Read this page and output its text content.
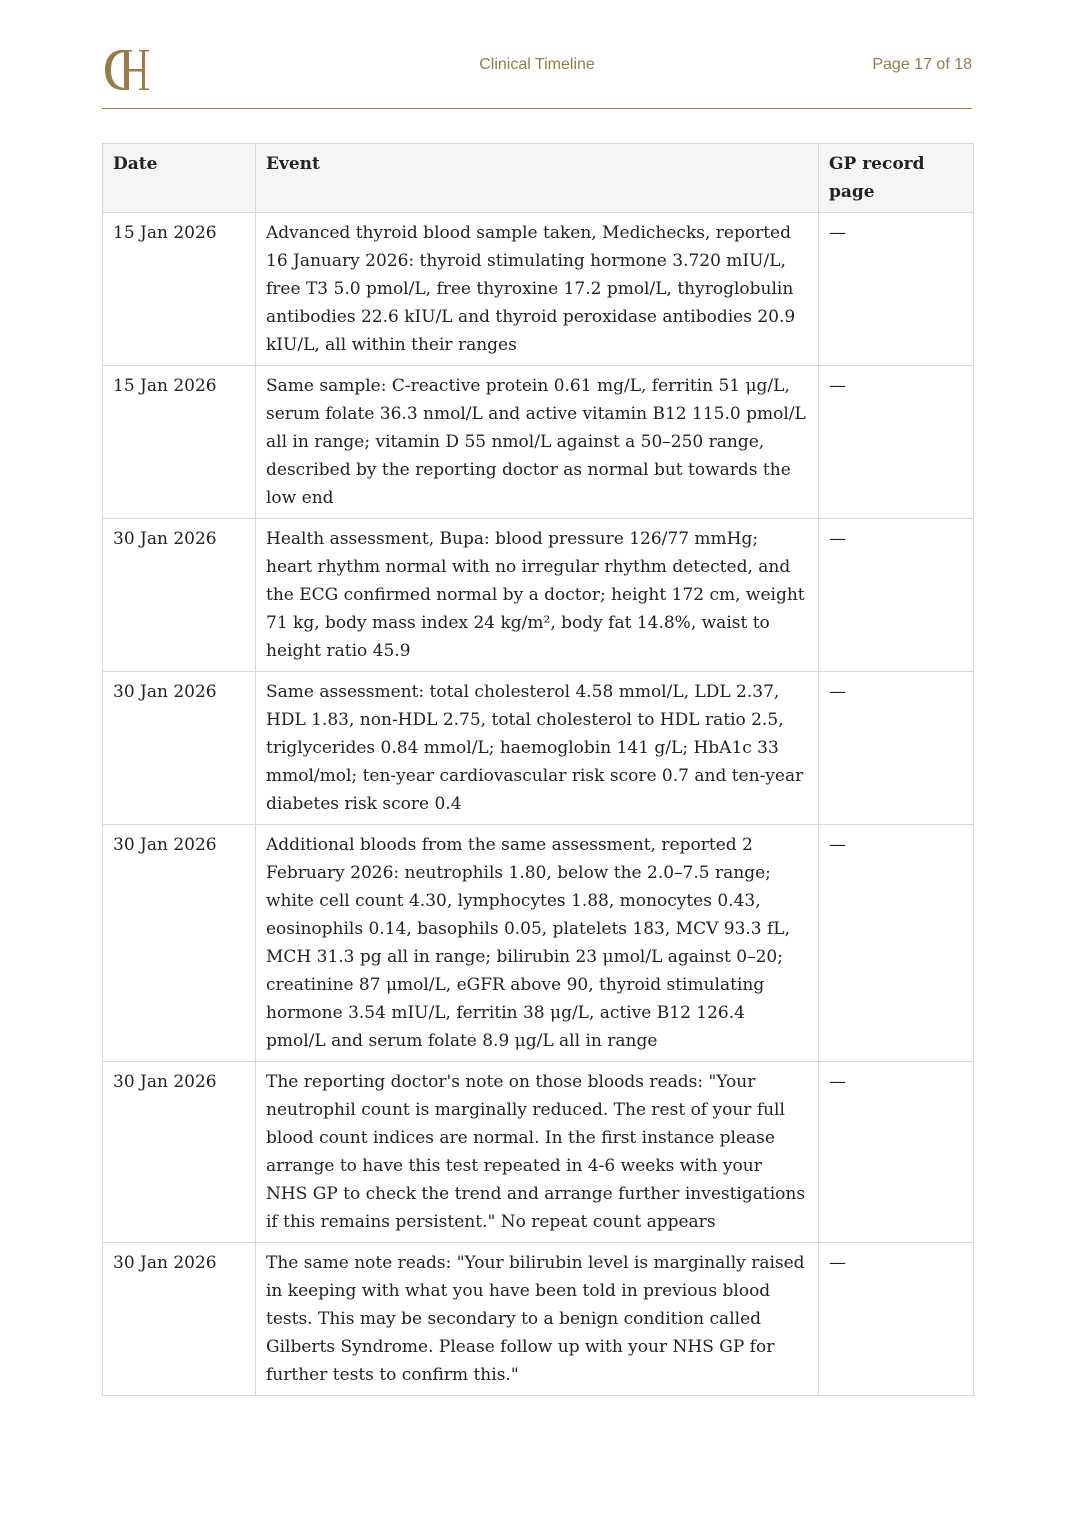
Clinical Timeline	Page 17 of 18
Date	Event	GP record page
15 Jan 2026	Advanced thyroid blood sample taken, Medichecks, reported 16 January 2026: thyroid stimulating hormone 3.720 mIU/L, free T3 5.0 pmol/L, free thyroxine 17.2 pmol/L, thyroglobulin antibodies 22.6 kIU/L and thyroid peroxidase antibodies 20.9 kIU/L, all within their ranges	—
15 Jan 2026	Same sample: C-reactive protein 0.61 mg/L, ferritin 51 μg/L, serum folate 36.3 nmol/L and active vitamin B12 115.0 pmol/L all in range; vitamin D 55 nmol/L against a 50–250 range, described by the reporting doctor as normal but towards the low end	—
30 Jan 2026	Health assessment, Bupa: blood pressure 126/77 mmHg; heart rhythm normal with no irregular rhythm detected, and the ECG confirmed normal by a doctor; height 172 cm, weight 71 kg, body mass index 24 kg/m², body fat 14.8%, waist to height ratio 45.9	—
30 Jan 2026	Same assessment: total cholesterol 4.58 mmol/L, LDL 2.37, HDL 1.83, non-HDL 2.75, total cholesterol to HDL ratio 2.5, triglycerides 0.84 mmol/L; haemoglobin 141 g/L; HbA1c 33 mmol/mol; ten-year cardiovascular risk score 0.7 and ten-year diabetes risk score 0.4	—
30 Jan 2026	Additional bloods from the same assessment, reported 2 February 2026: neutrophils 1.80, below the 2.0–7.5 range; white cell count 4.30, lymphocytes 1.88, monocytes 0.43, eosinophils 0.14, basophils 0.05, platelets 183, MCV 93.3 fL, MCH 31.3 pg all in range; bilirubin 23 μmol/L against 0–20; creatinine 87 μmol/L, eGFR above 90, thyroid stimulating hormone 3.54 mIU/L, ferritin 38 μg/L, active B12 126.4 pmol/L and serum folate 8.9 μg/L all in range	—
30 Jan 2026	The reporting doctor's note on those bloods reads: "Your neutrophil count is marginally reduced. The rest of your full blood count indices are normal. In the first instance please arrange to have this test repeated in 4-6 weeks with your NHS GP to check the trend and arrange further investigations if this remains persistent." No repeat count appears	—
30 Jan 2026	The same note reads: "Your bilirubin level is marginally raised in keeping with what you have been told in previous blood tests. This may be secondary to a benign condition called Gilberts Syndrome. Please follow up with your NHS GP for further tests to confirm this."	—
